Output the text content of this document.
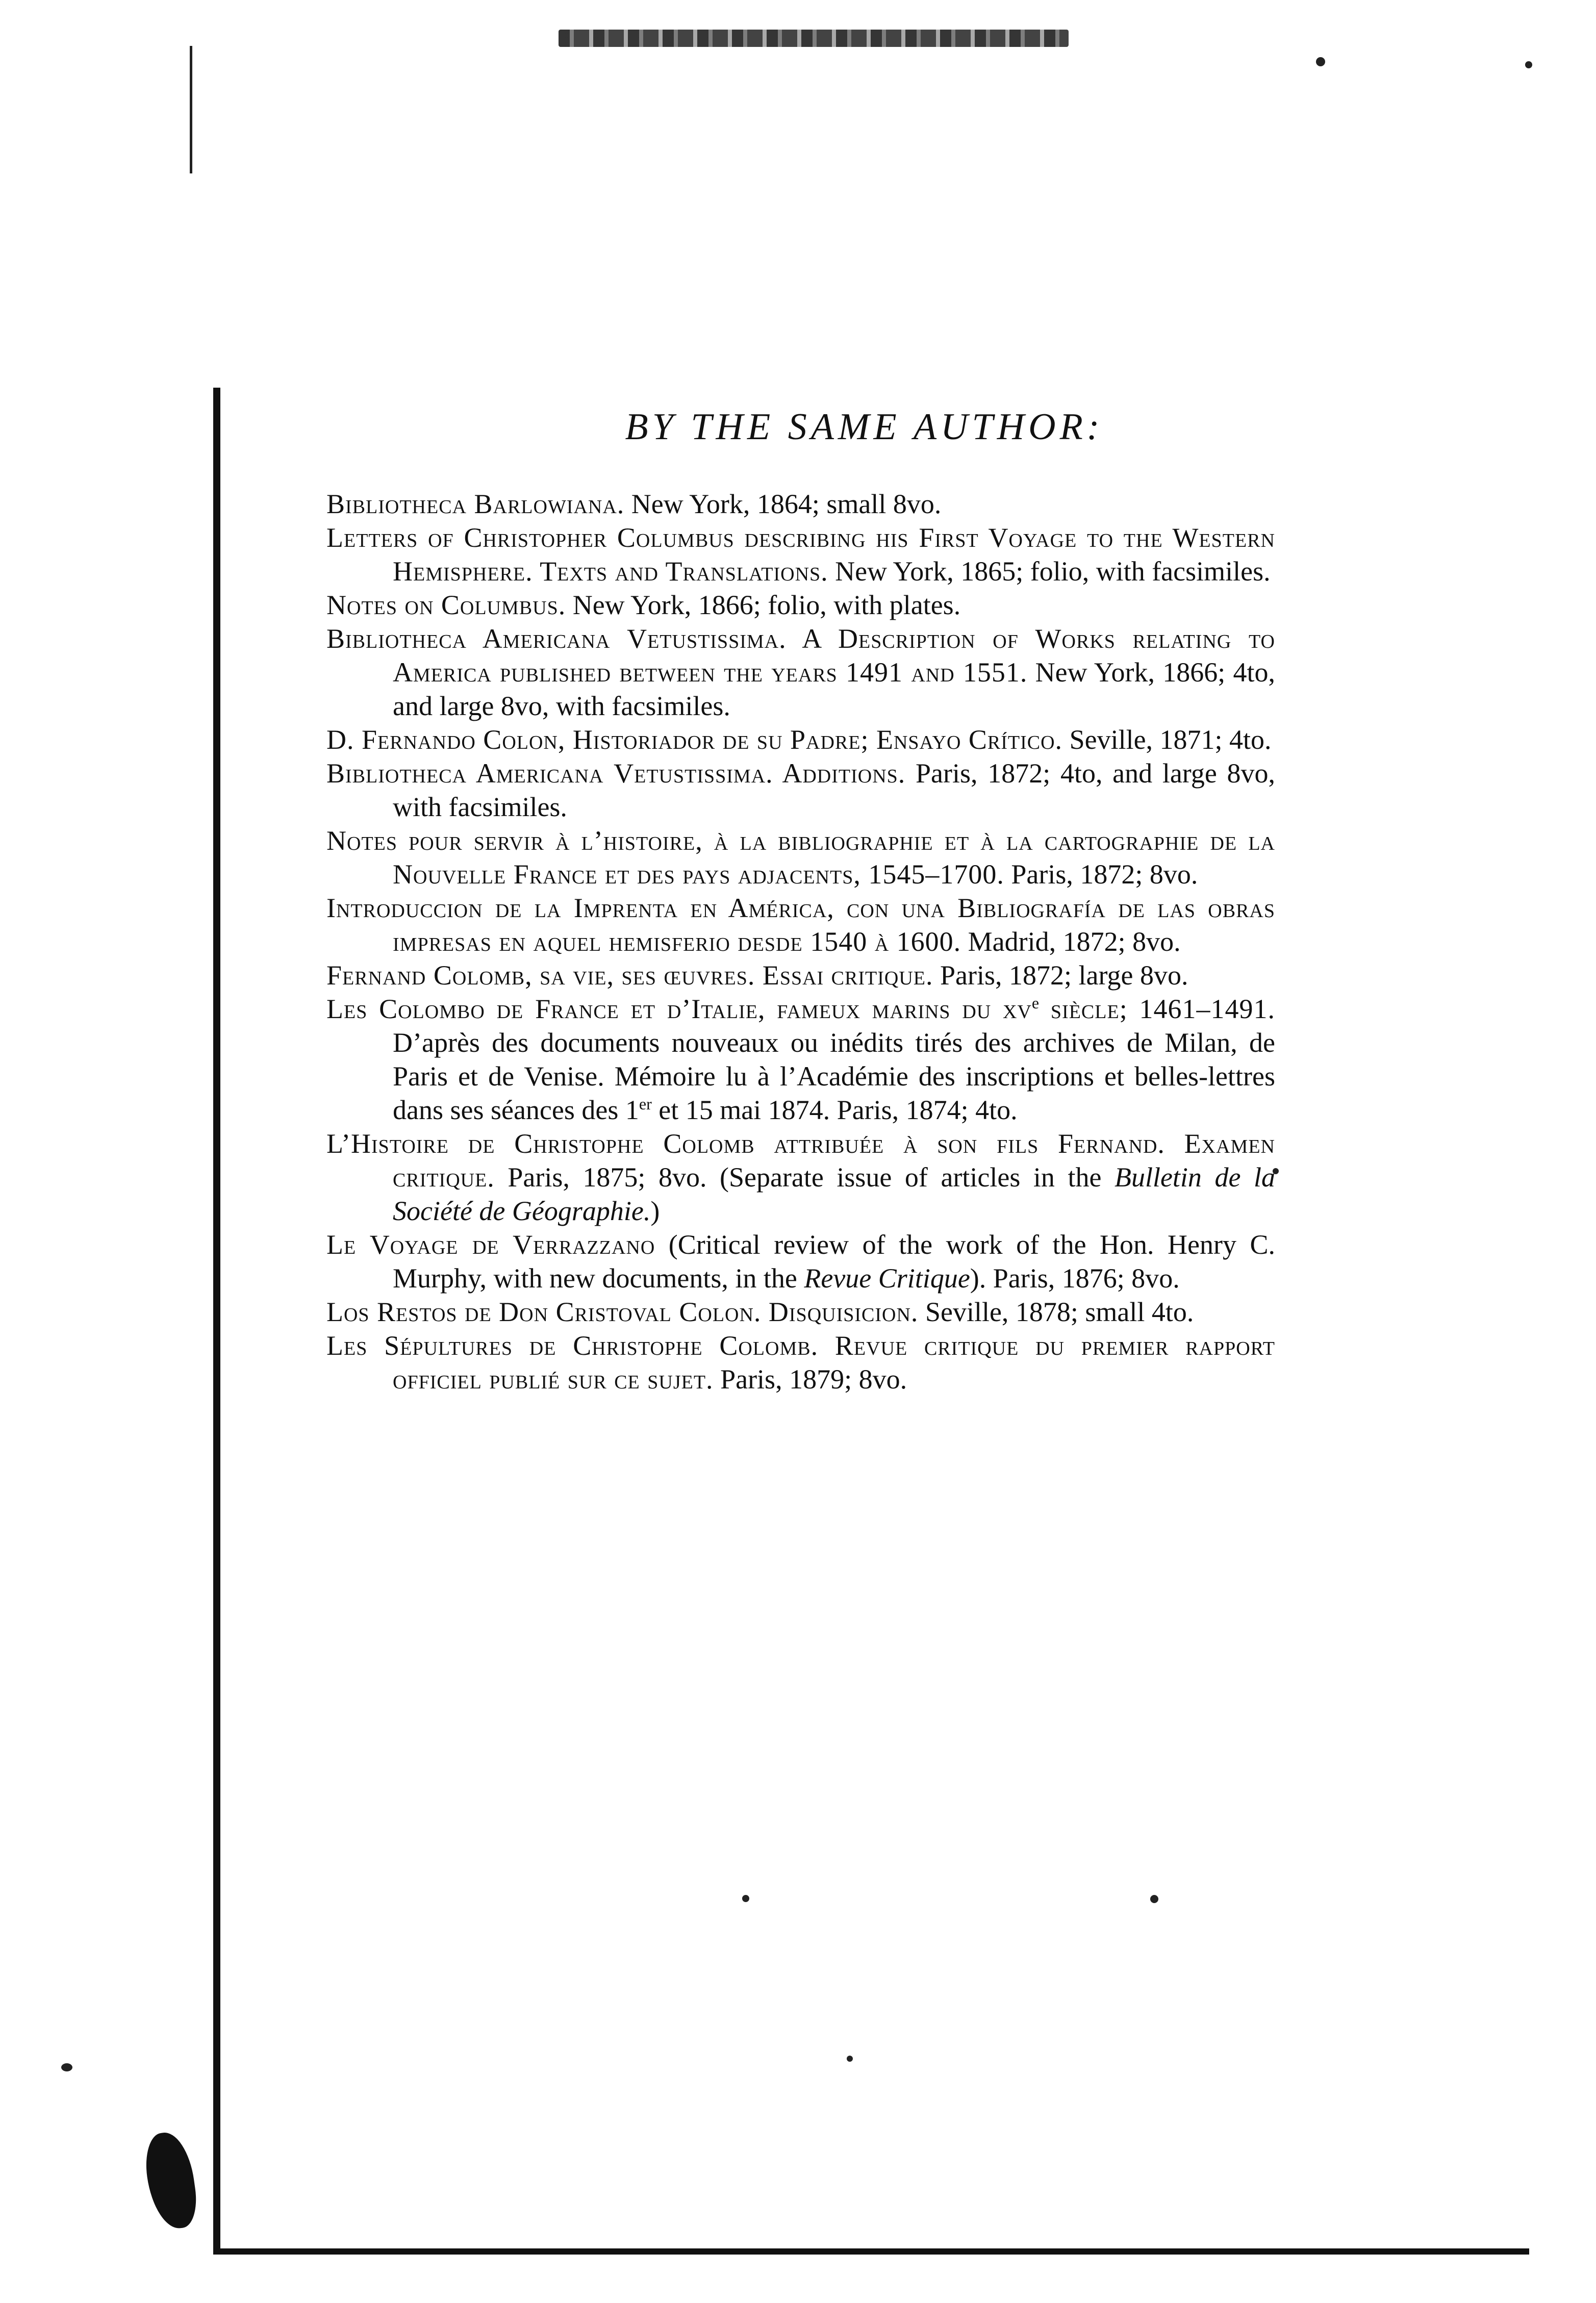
BY THE SAME AUTHOR:

Bibliotheca Barlowiana. New York, 1864; small 8vo.

Letters of Christopher Columbus describing his First Voyage to the Western Hemisphere. Texts and Translations. New York, 1865; folio, with facsimiles.

Notes on Columbus. New York, 1866; folio, with plates.

Bibliotheca Americana Vetustissima. A Description of Works relating to America published between the years 1491 and 1551. New York, 1866; 4to, and large 8vo, with facsimiles.

D. Fernando Colon, Historiador de su Padre; Ensayo Crítico. Seville, 1871; 4to.

Bibliotheca Americana Vetustissima. Additions. Paris, 1872; 4to, and large 8vo, with facsimiles.

Notes pour servir à l’histoire, à la bibliographie et à la cartographie de la Nouvelle France et des pays adjacents, 1545–1700. Paris, 1872; 8vo.

Introduccion de la Imprenta en América, con una Bibliografía de las obras impresas en aquel hemisferio desde 1540 à 1600. Madrid, 1872; 8vo.

Fernand Colomb, sa vie, ses œuvres. Essai critique. Paris, 1872; large 8vo.

Les Colombo de France et d’Italie, fameux marins du $xv^e$ siècle; 1461–1491. D’après des documents nouveaux ou inédits tirés des archives de Milan, de Paris et de Venise. Mémoire lu à l’Académie des inscriptions et belles-lettres dans ses séances des 1er et 15 mai 1874. Paris, 1874; 4to.

L’Histoire de Christophe Colomb attribuée à son fils Fernand. Examen critique. Paris, 1875; 8vo. (Separate issue of articles in the Bulletin de la Société de Géographie.)

Le Voyage de Verrazzano (Critical review of the work of the Hon. Henry C. Murphy, with new documents, in the Revue Critique). Paris, 1876; 8vo.

Los Restos de Don Cristoval Colon. Disquisicion. Seville, 1878; small 4to.

Les Sépultures de Christophe Colomb. Revue critique du premier rapport officiel publié sur ce sujet. Paris, 1879; 8vo.
